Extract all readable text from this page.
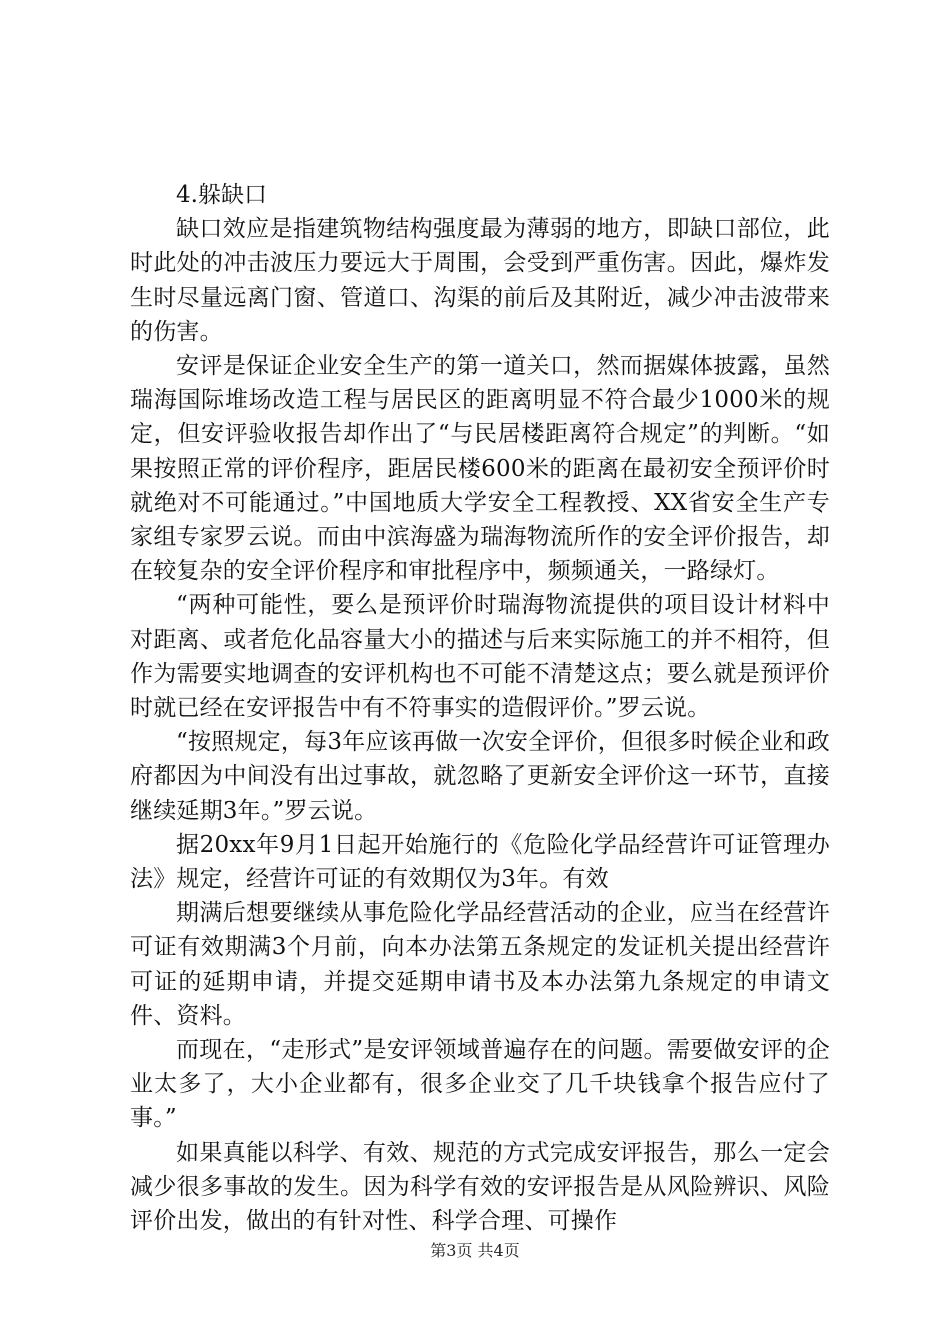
4.躲缺口

缺口效应是指建筑物结构强度最为薄弱的地方，即缺口部位，此时此处的冲击波压力要远大于周围，会受到严重伤害。因此，爆炸发生时尽量远离门窗、管道口、沟渠的前后及其附近，减少冲击波带来的伤害。

安评是保证企业安全生产的第一道关口，然而据媒体披露，虽然瑞海国际堆场改造工程与居民区的距离明显不符合最少1000米的规定，但安评验收报告却作出了“与民居楼距离符合规定”的判断。“如果按照正常的评价程序，距居民楼600米的距离在最初安全预评价时就绝对不可能通过。”中国地质大学安全工程教授、XX省安全生产专家组专家罗云说。而由中滨海盛为瑞海物流所作的安全评价报告，却在较复杂的安全评价程序和审批程序中，频频通关，一路绿灯。

“两种可能性，要么是预评价时瑞海物流提供的项目设计材料中对距离、或者危化品容量大小的描述与后来实际施工的并不相符，但作为需要实地调查的安评机构也不可能不清楚这点；要么就是预评价时就已经在安评报告中有不符事实的造假评价。”罗云说。

“按照规定，每3年应该再做一次安全评价，但很多时候企业和政府都因为中间没有出过事故，就忽略了更新安全评价这一环节，直接继续延期3年。”罗云说。

据20xx年9月1日起开始施行的《危险化学品经营许可证管理办法》规定，经营许可证的有效期仅为3年。有效

期满后想要继续从事危险化学品经营活动的企业，应当在经营许可证有效期满3个月前，向本办法第五条规定的发证机关提出经营许可证的延期申请，并提交延期申请书及本办法第九条规定的申请文件、资料。

而现在，“走形式”是安评领域普遍存在的问题。需要做安评的企业太多了，大小企业都有，很多企业交了几千块钱拿个报告应付了事。”

如果真能以科学、有效、规范的方式完成安评报告，那么一定会减少很多事故的发生。因为科学有效的安评报告是从风险辨识、风险评价出发，做出的有针对性、科学合理、可操作

第3页 共4页
